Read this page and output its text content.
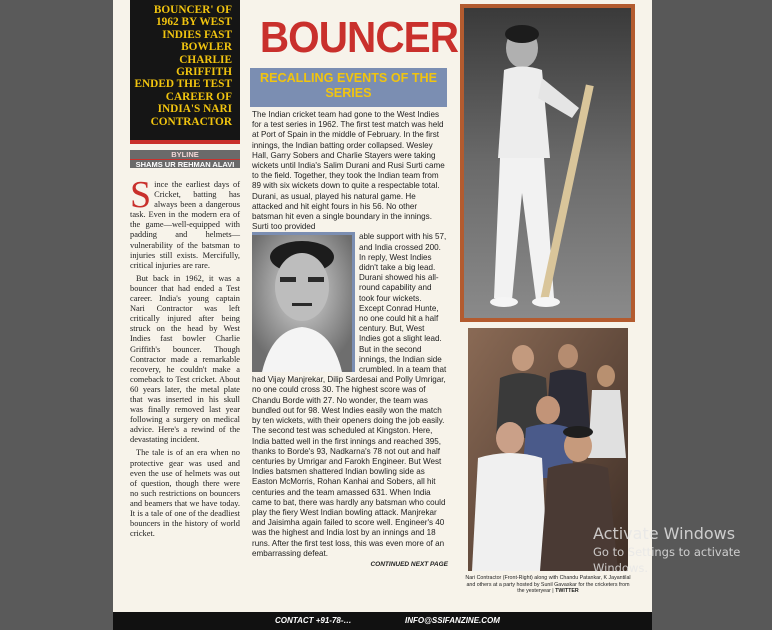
BOUNCER' OF 1962 BY WEST INDIES FAST BOWLER CHARLIE GRIFFITH ENDED THE TEST CAREER OF INDIA'S NARI CONTRACTOR
BYLINE
SHAMS UR REHMAN ALAVI

Since the earliest days of Cricket, batting has always been a dangerous task. Even in the modern era of the game—well-equipped with padding and helmets—vulnerability of the batsman to injuries still exists. Mercifully, critical injuries are rare.

But back in 1962, it was a bouncer that had ended a Test career. India's young captain Nari Contractor was left critically injured after being struck on the head by West Indies fast bowler Charlie Griffith's bouncer. Though Contractor made a remarkable recovery, he couldn't make a comeback to Test cricket. About 60 years later, the metal plate that was inserted in his skull was finally removed last year following a surgery on medical advice. Here's a rewind of the devastating incident.

The tale is of an era when no protective gear was used and even the use of helmets was out of question, though there were no such restrictions on bouncers and beamers that we have today. It is a tale of one of the deadliest bouncers in the history of world cricket.

BOUNCER
RECALLING EVENTS OF THE SERIES

The Indian cricket team had gone to the West Indies for a test series in 1962. The first test match was held at Port of Spain in the middle of February. In the first innings, the Indian batting order collapsed. Wesley Hall, Garry Sobers and Charlie Stayers were taking wickets until India's Salim Durani and Rusi Surti came to the field. Together, they took the Indian team from 89 with six wickets down to quite a respectable total. Durani, as usual, played his natural game. He attacked and hit eight fours in his 56. No other batsman hit even a single boundary in the innings. Surti too provided

able support with his 57, and India crossed 200. In reply, West Indies didn't take a big lead. Durani showed his all-round capability and took four wickets. Except Conrad Hunte, no one could hit a half century. But, West Indies got a slight lead. But in the second innings, the Indian side crumbled. In a team that had Vijay Manjrekar, Dilip Sardesai and Polly Umrigar, no one could cross 30. The highest score was of Chandu Borde with 27. No wonder, the team was bundled out for 98. West Indies easily won the match by ten wickets, with their openers doing the job easily. The second test was scheduled at Kingston. Here, India batted well in the first innings and reached 395, thanks to Borde's 93, Nadkarna's 78 not out and half centuries by Umrigar and Farokh Engineer. But West Indies batsmen shattered Indian bowling side as Easton McMorris, Rohan Kanhai and Sobers, all hit centuries and the team amassed 631. When India came to bat, there was hardly any batsman who could play the fiery West Indian bowling attack. Manjrekar and Jaisimha again failed to score well. Engineer's 40 was the highest and India lost by an innings and 18 runs. After the first test loss, this was even more of an embarrassing defeat.

CONTINUED NEXT PAGE
Nari Contractor (Front-Right) along with Chandu Patankar, K Jayantilal and others at a party hosted by Sunil Gavaskar for the cricketers from the yesteryear | TWITTER
CONTACT +91-78-…	INFO@SSIFANZINE.COM
Activate Windows
Go to Settings to activate Windows.
